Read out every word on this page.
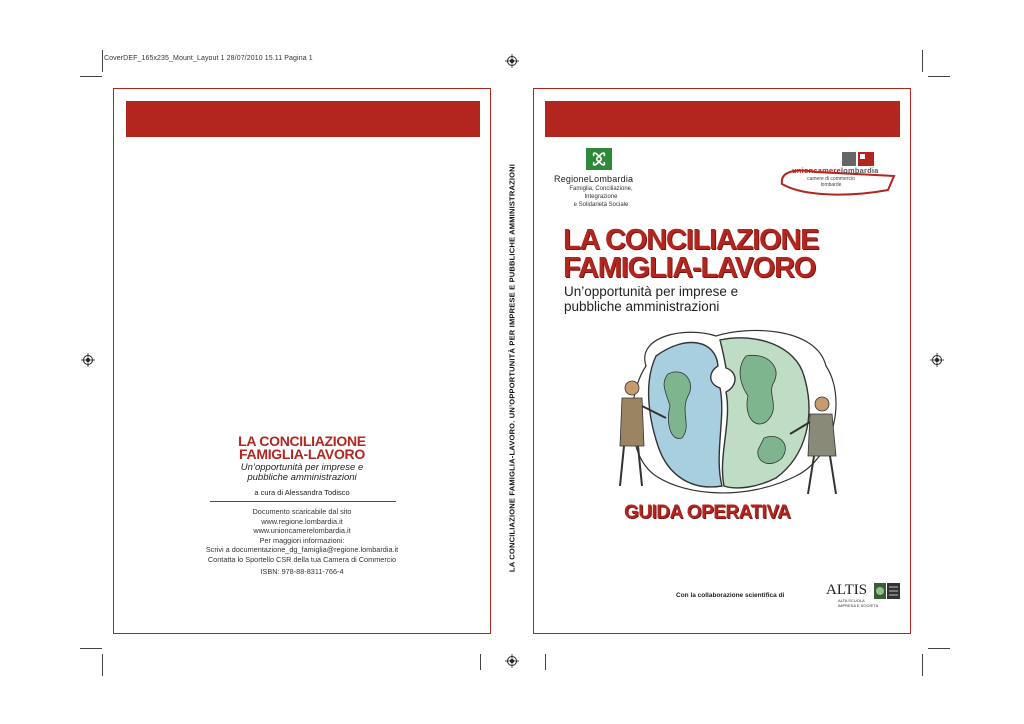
CoverDEF_165x235_Mount_Layout 1 28/07/2010 15.11 Pagina 1
LA CONCILIAZIONE
FAMIGLIA-LAVORO
Un’opportunità per imprese e
pubbliche amministrazioni
a cura di Alessandra Todisco
Documento scaricabile dal sito
www.regione.lombardia.it
www.unioncamerelombardia.it
Per maggiori informazioni:
Scrivi a documentazione_dg_famiglia@regione.lombardia.it
Contatta lo Sportello CSR della tua Camera di Commercio
ISBN: 978-88-8311-766-4	LA CONCILIAZIONE FAMIGLIA-LAVORO. UN’OPPORTUNITÀ PER IMPRESE E PUBBLICHE AMMINISTRAZIONI	RegioneLombardia
Famiglia, Conciliazione,
Integrazione
e Solidarietà Sociale
unioncamerelombardia
camere di commercio
lombarde
LA CONCILIAZIONE
FAMIGLIA-LAVORO
Un’opportunità per imprese e
pubbliche amministrazioni
GUIDA OPERATIVA
Con la collaborazione scientifica di	ALTIS
ALTA SCUOLA
IMPRESA E SOCIETÀ
